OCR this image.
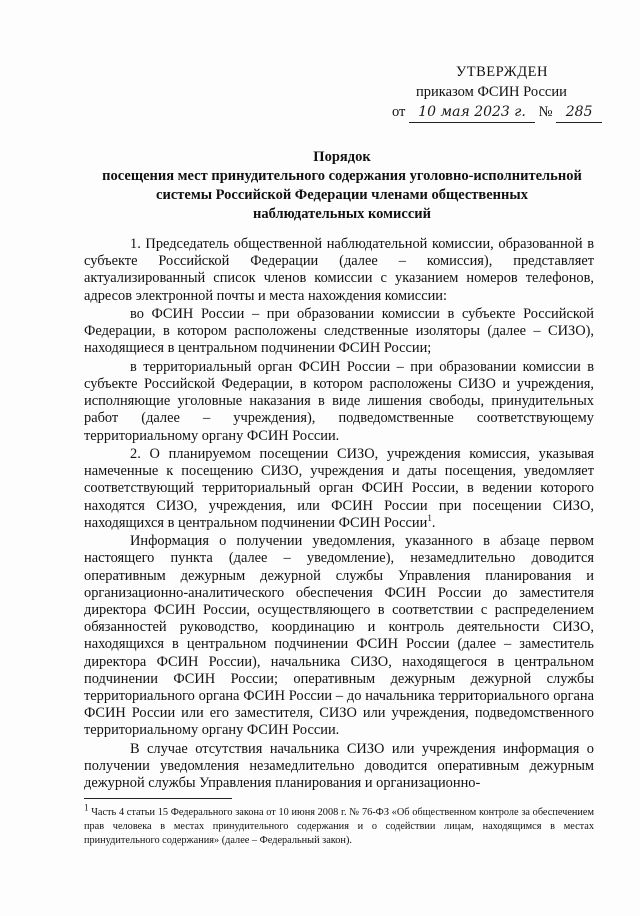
УТВЕРЖДЕН
приказом ФСИН России
от 10 мая 2023 г. № 285
Порядок
посещения мест принудительного содержания уголовно-исполнительной
системы Российской Федерации членами общественных
наблюдательных комиссий

1. Председатель общественной наблюдательной комиссии, образованной в субъекте Российской Федерации (далее – комиссия), представляет актуализированный список членов комиссии с указанием номеров телефонов, адресов электронной почты и места нахождения комиссии:

во ФСИН России – при образовании комиссии в субъекте Российской Федерации, в котором расположены следственные изоляторы (далее – СИЗО), находящиеся в центральном подчинении ФСИН России;

в территориальный орган ФСИН России – при образовании комиссии в субъекте Российской Федерации, в котором расположены СИЗО и учреждения, исполняющие уголовные наказания в виде лишения свободы, принудительных работ (далее – учреждения), подведомственные соответствующему территориальному органу ФСИН России.

2. О планируемом посещении СИЗО, учреждения комиссия, указывая намеченные к посещению СИЗО, учреждения и даты посещения, уведомляет соответствующий территориальный орган ФСИН России, в ведении которого находятся СИЗО, учреждения, или ФСИН России при посещении СИЗО, находящихся в центральном подчинении ФСИН России$^1$.

Информация о получении уведомления, указанного в абзаце первом настоящего пункта (далее – уведомление), незамедлительно доводится оперативным дежурным дежурной службы Управления планирования и организационно-аналитического обеспечения ФСИН России до заместителя директора ФСИН России, осуществляющего в соответствии с распределением обязанностей руководство, координацию и контроль деятельности СИЗО, находящихся в центральном подчинении ФСИН России (далее – заместитель директора ФСИН России), начальника СИЗО, находящегося в центральном подчинении ФСИН России; оперативным дежурным дежурной службы территориального органа ФСИН России – до начальника территориального органа ФСИН России или его заместителя, СИЗО или учреждения, подведомственного территориальному органу ФСИН России.

В случае отсутствия начальника СИЗО или учреждения информация о получении уведомления незамедлительно доводится оперативным дежурным дежурной службы Управления планирования и организационно-

1 Часть 4 статьи 15 Федерального закона от 10 июня 2008 г. № 76-ФЗ «Об общественном контроле за обеспечением прав человека в местах принудительного содержания и о содействии лицам, находящимся в местах принудительного содержания» (далее – Федеральный закон).
